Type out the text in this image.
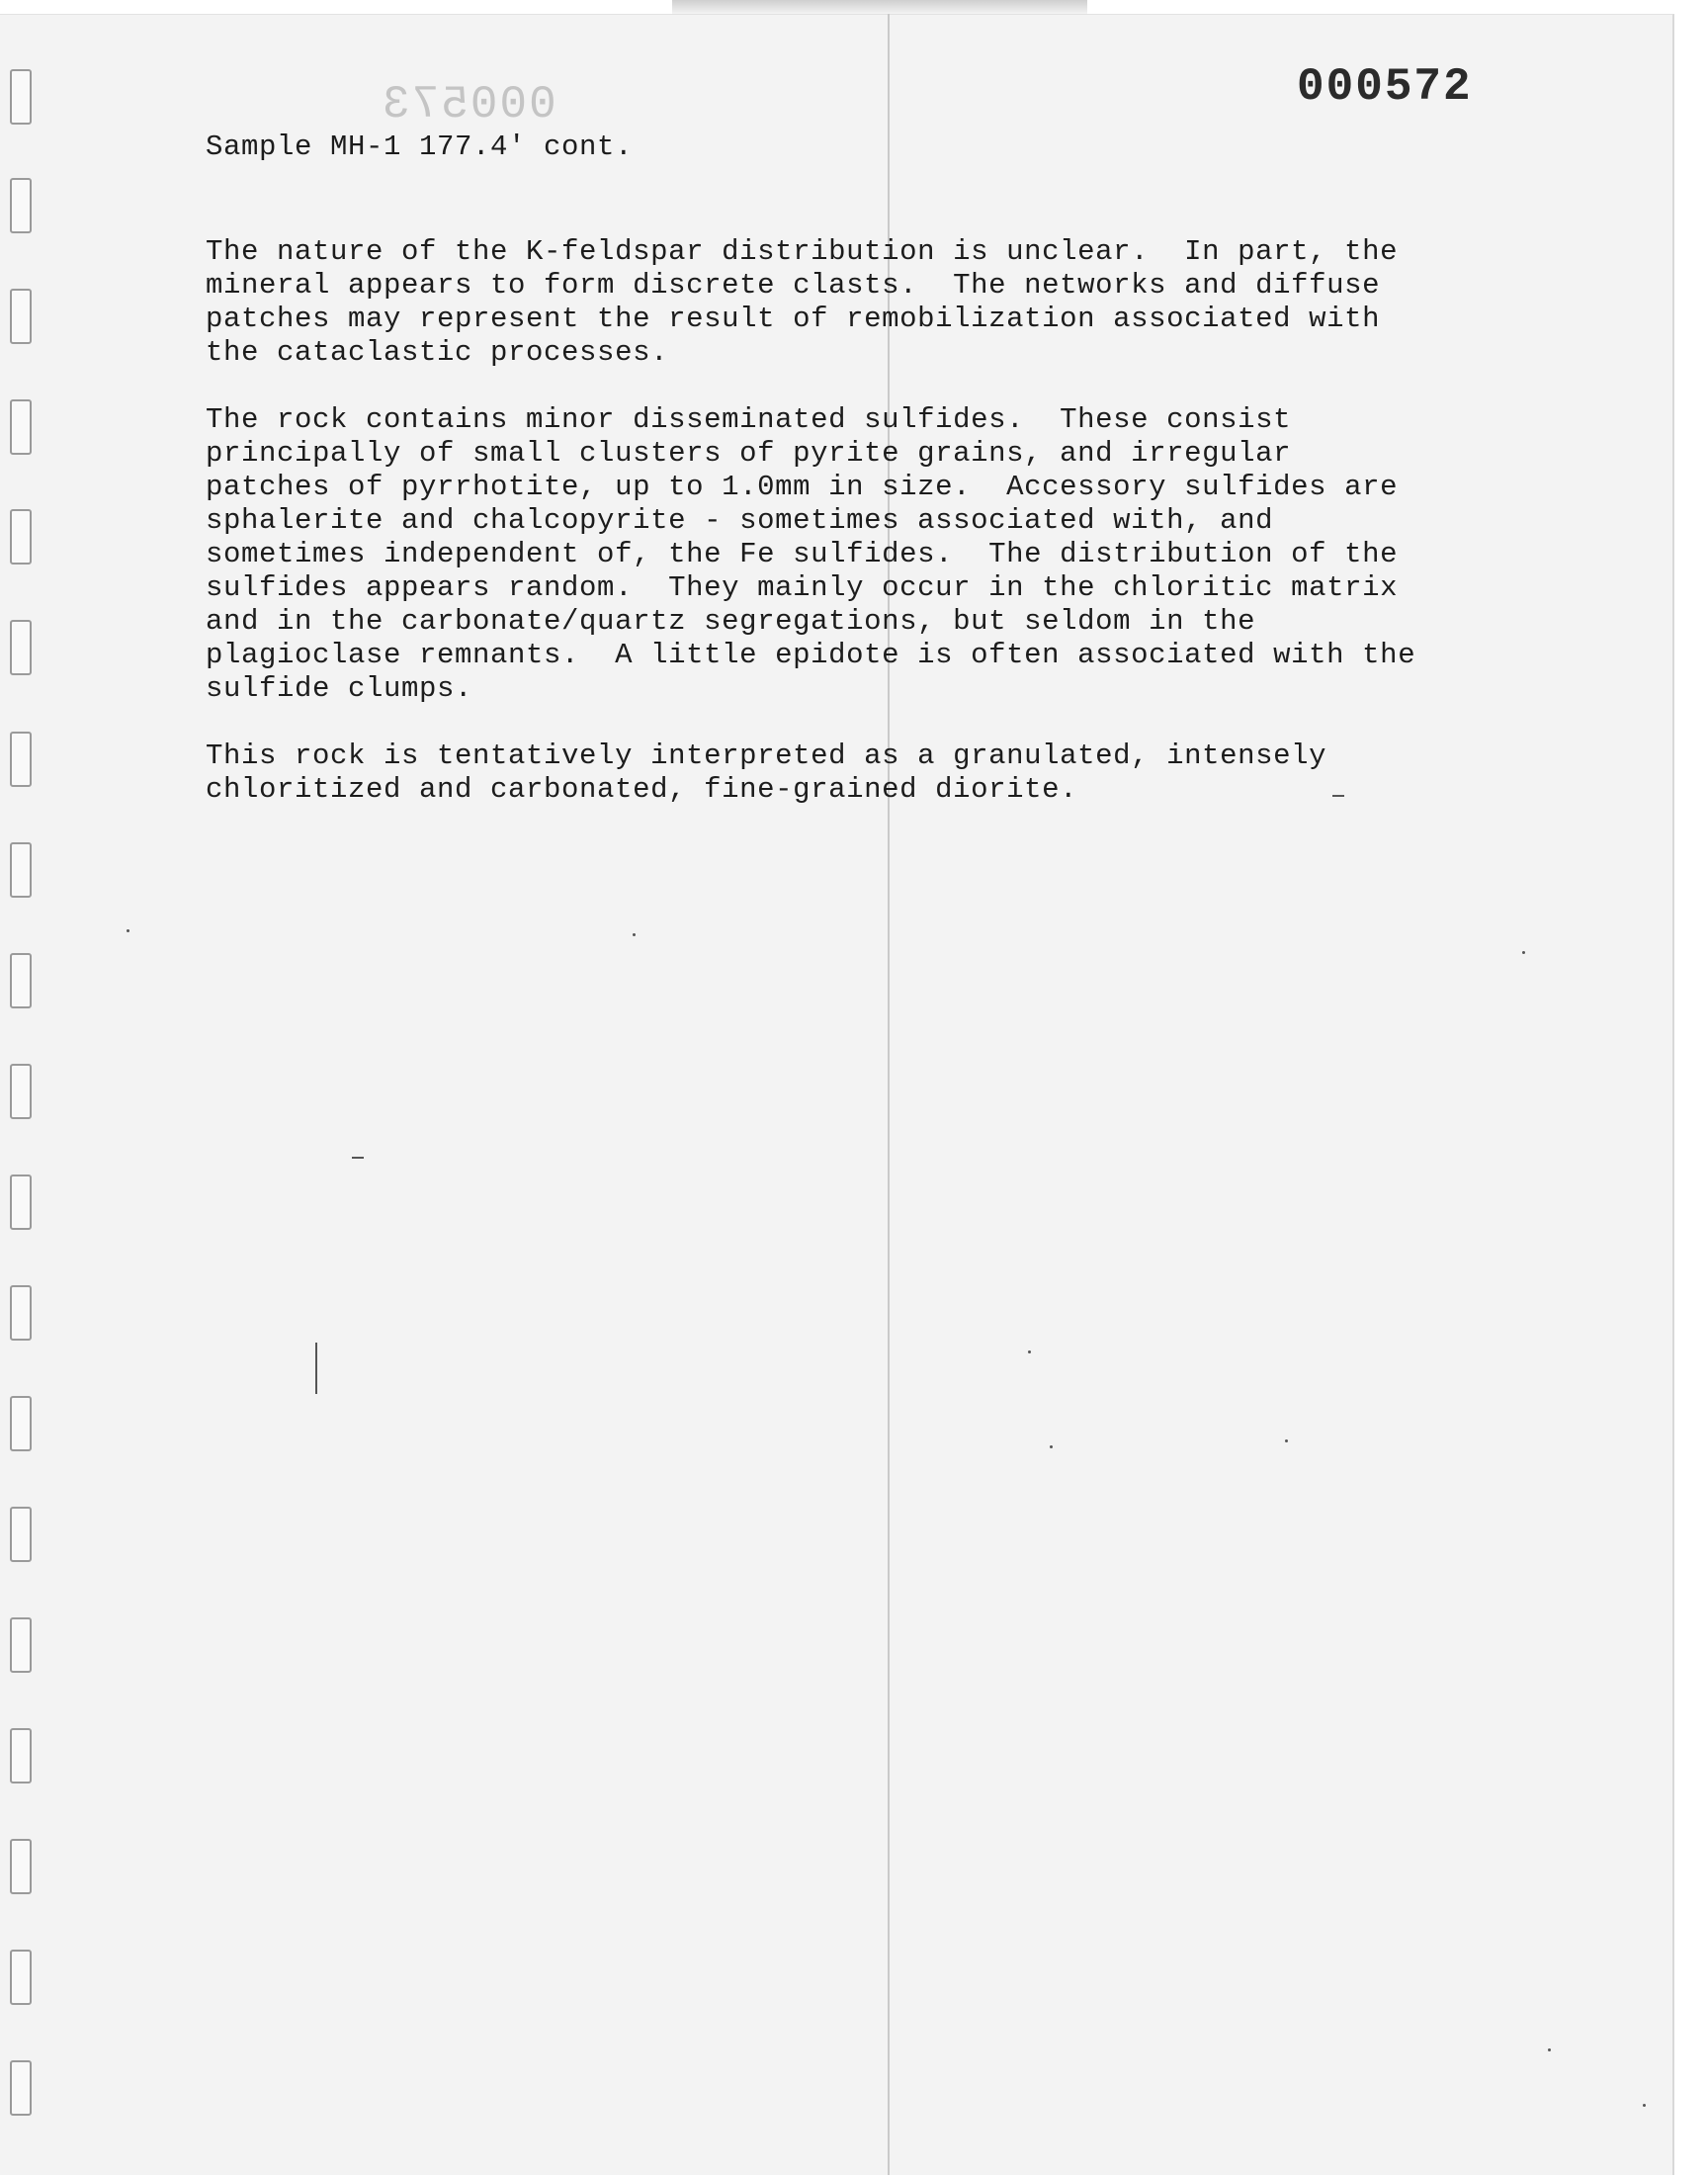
000573	000572
Sample MH-1 177.4' cont.
The nature of the K-feldspar distribution is unclear.  In part, the
mineral appears to form discrete clasts.  The networks and diffuse
patches may represent the result of remobilization associated with
the cataclastic processes.
The rock contains minor disseminated sulfides.  These consist
principally of small clusters of pyrite grains, and irregular
patches of pyrrhotite, up to 1.0mm in size.  Accessory sulfides are
sphalerite and chalcopyrite - sometimes associated with, and
sometimes independent of, the Fe sulfides.  The distribution of the
sulfides appears random.  They mainly occur in the chloritic matrix
and in the carbonate/quartz segregations, but seldom in the
plagioclase remnants.  A little epidote is often associated with the
sulfide clumps.
This rock is tentatively interpreted as a granulated, intensely
chloritized and carbonated, fine-grained diorite.
